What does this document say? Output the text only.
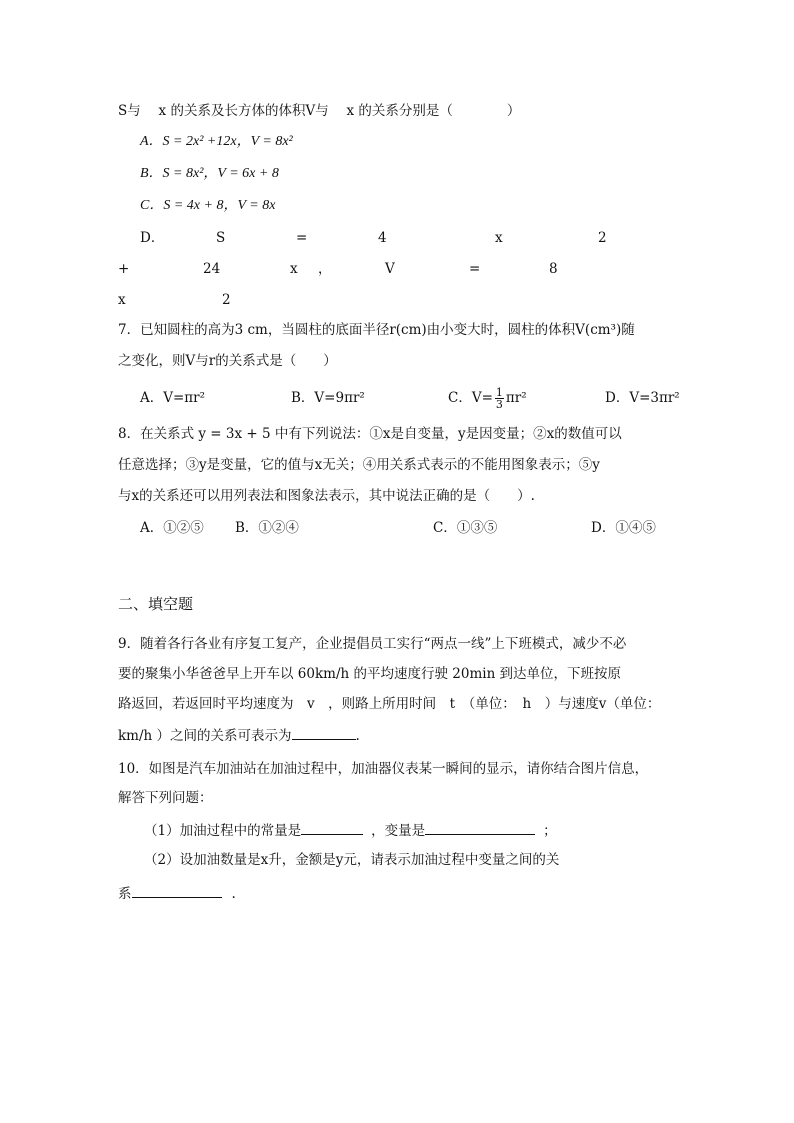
S与　 x 的关系及长方体的体积V与　 x 的关系分别是（　　　　）
A．S = 2x² +12x，V = 8x²
B．S = 8x²，V = 6x + 8
C．S = 4x + 8，V = 8x
D．	S	=	4	x	2
+	24	x ，	V	=	8
x	2
7．已知圆柱的高为3 cm，当圆柱的底面半径r(cm)由小变大时，圆柱的体积V(cm³)随
之变化，则V与r的关系式是（　　）
A．V=πr²	B．V=9πr²	C．$V= \frac{1}{3} \pi r^2$	D．V=3πr²
8．在关系式 y = 3x + 5 中有下列说法：①x是自变量，y是因变量；②x的数值可以
任意选择；③y是变量，它的值与x无关；④用关系式表示的不能用图象表示；⑤y
与x的关系还可以用列表法和图象法表示，其中说法正确的是（　　）.
A．①②⑤ B．①②④	C．①③⑤	D．①④⑤
二、填空题
9．随着各行各业有序复工复产，企业提倡员工实行“两点一线”上下班模式，减少不必
要的聚集小华爸爸早上开车以 60km/h 的平均速度行驶 20min 到达单位，下班按原
路返回，若返回时平均速度为　v　，则路上所用时间　t　（单位：　h　）与速度v（单位：
km/h ）之间的关系可表示为	.
10．如图是汽车加油站在加油过程中，加油器仪表某一瞬间的显示，请你结合图片信息，
解答下列问题：
（1）加油过程中的常量是	，变量是	；
（2）设加油数量是x升，金额是y元，请表示加油过程中变量之间的关
系	.
